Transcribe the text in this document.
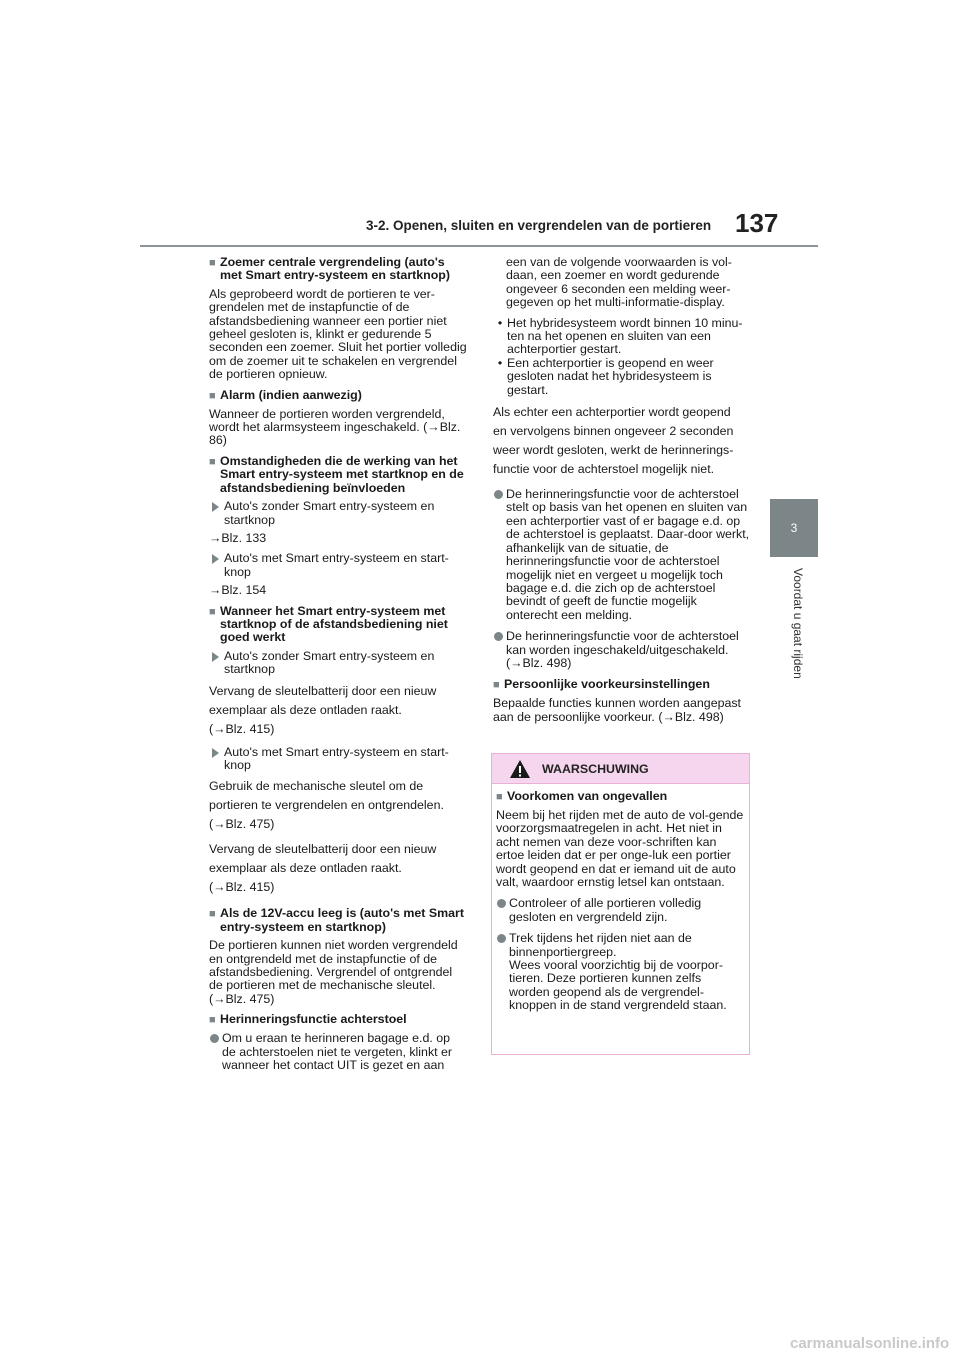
3-2. Openen, sluiten en vergrendelen van de portieren 137
3
Voordat u gaat rijden
■ Zoemer centrale vergrendeling (auto's met Smart entry-systeem en startknop)

Als geprobeerd wordt de portieren te ver-grendelen met de instapfunctie of de afstandsbediening wanneer een portier niet geheel gesloten is, klinkt er gedurende 5 seconden een zoemer. Sluit het portier volledig om de zoemer uit te schakelen en vergrendel de portieren opnieuw.

■ Alarm (indien aanwezig)

Wanneer de portieren worden vergrendeld, wordt het alarmsysteem ingeschakeld. (→Blz. 86)

■ Omstandigheden die de werking van het Smart entry-systeem met startknop en de afstandsbediening beïnvloeden
Auto's zonder Smart entry-systeem en startknop

→Blz. 133

Auto's met Smart entry-systeem en start-knop

→Blz. 154

■ Wanneer het Smart entry-systeem met startknop of de afstandsbediening niet goed werkt
Auto's zonder Smart entry-systeem en startknop

Vervang de sleutelbatterij door een nieuw

exemplaar als deze ontladen raakt.

(→Blz. 415)

Auto's met Smart entry-systeem en start-knop

Gebruik de mechanische sleutel om de

portieren te vergrendelen en ontgrendelen.

(→Blz. 475)

Vervang de sleutelbatterij door een nieuw

exemplaar als deze ontladen raakt.

(→Blz. 415)

■ Als de 12V-accu leeg is (auto's met Smart entry-systeem en startknop)

De portieren kunnen niet worden vergrendeld en ontgrendeld met de instapfunctie of de afstandsbediening. Vergrendel of ontgrendel de portieren met de mechanische sleutel. (→Blz. 475)

■ Herinneringsfunctie achterstoel
Om u eraan te herinneren bagage e.d. op de achterstoelen niet te vergeten, klinkt er wanneer het contact UIT is gezet en aan

een van de volgende voorwaarden is vol-daan, een zoemer en wordt gedurende ongeveer 6 seconden een melding weer-gegeven op het multi-informatie-display.

• Het hybridesysteem wordt binnen 10 minu-ten na het openen en sluiten van een achterportier gestart.
• Een achterportier is geopend en weer gesloten nadat het hybridesysteem is gestart.

Als echter een achterportier wordt geopend

en vervolgens binnen ongeveer 2 seconden

weer wordt gesloten, werkt de herinnerings-

functie voor de achterstoel mogelijk niet.

De herinneringsfunctie voor de achterstoel stelt op basis van het openen en sluiten van een achterportier vast of er bagage e.d. op de achterstoel is geplaatst. Daar-door werkt, afhankelijk van de situatie, de herinneringsfunctie voor de achterstoel mogelijk niet en vergeet u mogelijk toch bagage e.d. die zich op de achterstoel bevindt of geeft de functie mogelijk onterecht een melding.
De herinneringsfunctie voor de achterstoel kan worden ingeschakeld/uitgeschakeld. (→Blz. 498)
■ Persoonlijke voorkeursinstellingen

Bepaalde functies kunnen worden aangepast aan de persoonlijke voorkeur. (→Blz. 498)

WAARSCHUWING
■ Voorkomen van ongevallen

Neem bij het rijden met de auto de vol-gende voorzorgsmaatregelen in acht. Het niet in acht nemen van deze voor-schriften kan ertoe leiden dat er per onge-luk een portier wordt geopend en dat er iemand uit de auto valt, waardoor ernstig letsel kan ontstaan.

Controleer of alle portieren volledig gesloten en vergrendeld zijn.
Trek tijdens het rijden niet aan de binnenportiergreep.
Wees vooral voorzichtig bij de voorpor-tieren. Deze portieren kunnen zelfs worden geopend als de vergrendel-knoppen in de stand vergrendeld staan.
carmanualsonline.info
